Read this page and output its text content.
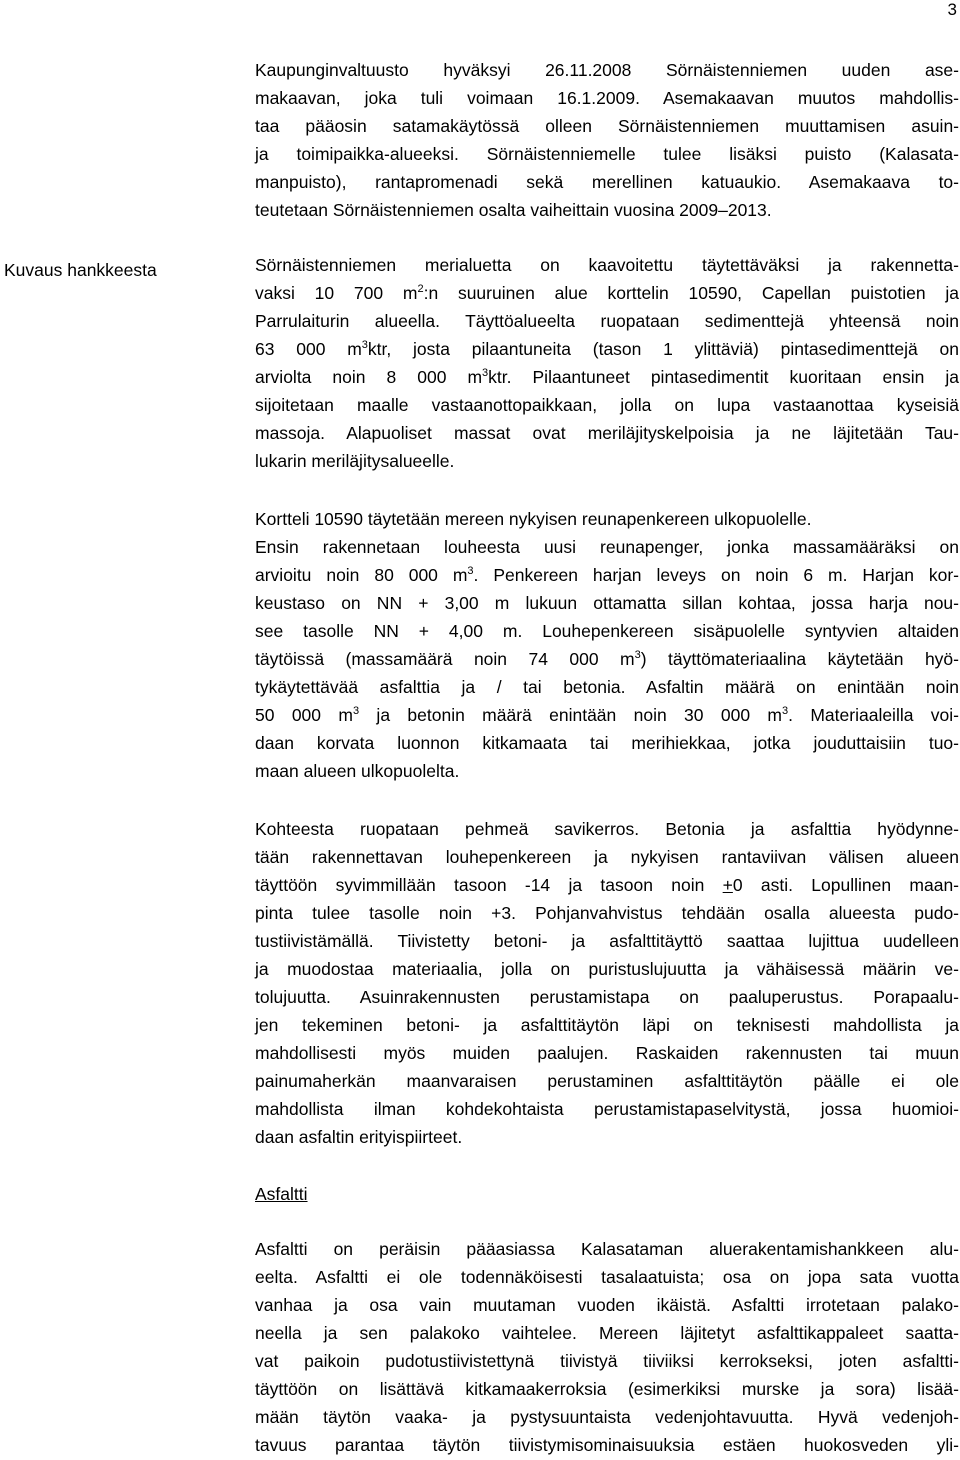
3
Kuvaus hankkeesta
Kaupunginvaltuusto hyväksyi 26.11.2008 Sörnäistenniemen uuden ase-
makaavan, joka tuli voimaan 16.1.2009. Asemakaavan muutos mahdollis-
taa pääosin satamakäytössä olleen Sörnäistenniemen muuttamisen asuin-
ja toimipaikka-alueeksi. Sörnäistenniemelle tulee lisäksi puisto (Kalasata-
manpuisto), rantapromenadi sekä merellinen katuaukio. Asemakaava to-
teutetaan Sörnäistenniemen osalta vaiheittain vuosina 2009–2013.
Sörnäistenniemen merialuetta on kaavoitettu täytettäväksi ja rakennetta-
vaksi 10 700 $m^2:n$ suuruinen alue korttelin 10590, Capellan puistotien ja
Parrulaiturin alueella. Täyttöalueelta ruopataan sedimenttejä yhteensä noin
63 000 $m^3ktr$, josta pilaantuneita (tason 1 ylittäviä) pintasedimenttejä on
arviolta noin 8 000 $m^3ktr$. Pilaantuneet pintasedimentit kuoritaan ensin ja
sijoitetaan maalle vastaanottopaikkaan, jolla on lupa vastaanottaa kyseisiä
massoja. Alapuoliset massat ovat meriläjityskelpoisia ja ne läjitetään Tau-
lukarin meriläjitysalueelle.
Kortteli 10590 täytetään mereen nykyisen reunapenkereen ulkopuolelle.
Ensin rakennetaan louheesta uusi reunapenger, jonka massamääräksi on
arvioitu noin 80 000 $m^3$. Penkereen harjan leveys on noin 6 m. Harjan kor-
keustaso on NN + 3,00 m lukuun ottamatta sillan kohtaa, jossa harja nou-
see tasolle NN + 4,00 m. Louhepenkereen sisäpuolelle syntyvien altaiden
täytöissä (massamäärä noin 74 000 $m^3$) täyttömateriaalina käytetään hyö-
tykäytettävää asfalttia ja / tai betonia. Asfaltin määrä on enintään noin
50 000 $m^3$ ja betonin määrä enintään noin 30 000 $m^3$. Materiaaleilla voi-
daan korvata luonnon kitkamaata tai merihiekkaa, jotka jouduttaisiin tuo-
maan alueen ulkopuolelta.
Kohteesta ruopataan pehmeä savikerros. Betonia ja asfalttia hyödynne-
tään rakennettavan louhepenkereen ja nykyisen rantaviivan välisen alueen
täyttöön syvimmillään tasoon -14 ja tasoon noin +0 asti. Lopullinen maan-
pinta tulee tasolle noin +3. Pohjanvahvistus tehdään osalla alueesta pudo-
tustiivistämällä. Tiivistetty betoni- ja asfalttitäyttö saattaa lujittua uudelleen
ja muodostaa materiaalia, jolla on puristuslujuutta ja vähäisessä määrin ve-
tolujuutta. Asuinrakennusten perustamistapa on paaluperustus. Porapaalu-
jen tekeminen betoni- ja asfalttitäytön läpi on teknisesti mahdollista ja
mahdollisesti myös muiden paalujen. Raskaiden rakennusten tai muun
painumaherkän maanvaraisen perustaminen asfalttitäytön päälle ei ole
mahdollista ilman kohdekohtaista perustamistapaselvitystä, jossa huomioi-
daan asfaltin erityispiirteet.
Asfaltti
Asfaltti on peräisin pääasiassa Kalasataman aluerakentamishankkeen alu-
eelta. Asfaltti ei ole todennäköisesti tasalaatuista; osa on jopa sata vuotta
vanhaa ja osa vain muutaman vuoden ikäistä. Asfaltti irrotetaan palako-
neella ja sen palakoko vaihtelee. Mereen läjitetyt asfalttikappaleet saatta-
vat paikoin pudotustiivistettynä tiivistyä tiiviiksi kerrokseksi, joten asfaltti-
täyttöön on lisättävä kitkamaakerroksia (esimerkiksi murske ja sora) lisää-
mään täytön vaaka- ja pystysuuntaista vedenjohtavuutta. Hyvä vedenjoh-
tavuus parantaa täytön tiivistymisominaisuuksia estäen huokosveden yli-
